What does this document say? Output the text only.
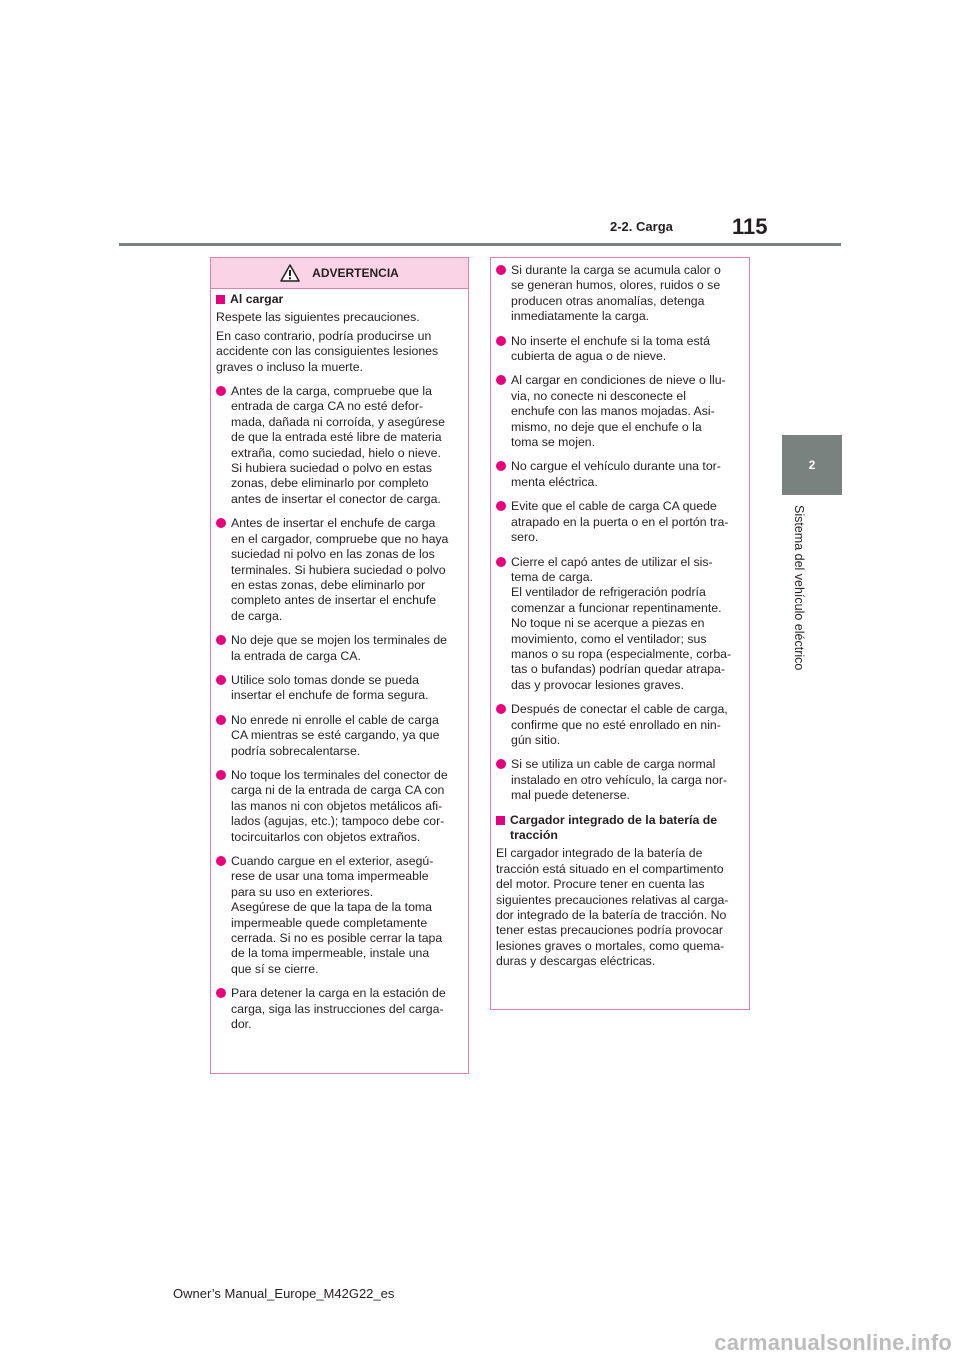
2-2. Carga	115
2
Sistema del vehículo eléctrico
ADVERTENCIA
Al cargar

Respete las siguientes precauciones.

En caso contrario, podría producirse un
accidente con las consiguientes lesiones
graves o incluso la muerte.

Antes de la carga, compruebe que la
entrada de carga CA no esté defor-
mada, dañada ni corroída, y asegúrese
de que la entrada esté libre de materia
extraña, como suciedad, hielo o nieve.
Si hubiera suciedad o polvo en estas
zonas, debe eliminarlo por completo
antes de insertar el conector de carga.
Antes de insertar el enchufe de carga
en el cargador, compruebe que no haya
suciedad ni polvo en las zonas de los
terminales. Si hubiera suciedad o polvo
en estas zonas, debe eliminarlo por
completo antes de insertar el enchufe
de carga.
No deje que se mojen los terminales de
la entrada de carga CA.
Utilice solo tomas donde se pueda
insertar el enchufe de forma segura.
No enrede ni enrolle el cable de carga
CA mientras se esté cargando, ya que
podría sobrecalentarse.
No toque los terminales del conector de
carga ni de la entrada de carga CA con
las manos ni con objetos metálicos afi-
lados (agujas, etc.); tampoco debe cor-
tocircuitarlos con objetos extraños.
Cuando cargue en el exterior, asegú-
rese de usar una toma impermeable
para su uso en exteriores.
Asegúrese de que la tapa de la toma
impermeable quede completamente
cerrada. Si no es posible cerrar la tapa
de la toma impermeable, instale una
que sí se cierre.
Para detener la carga en la estación de
carga, siga las instrucciones del carga-
dor.
Si durante la carga se acumula calor o
se generan humos, olores, ruidos o se
producen otras anomalías, detenga
inmediatamente la carga.
No inserte el enchufe si la toma está
cubierta de agua o de nieve.
Al cargar en condiciones de nieve o llu-
via, no conecte ni desconecte el
enchufe con las manos mojadas. Asi-
mismo, no deje que el enchufe o la
toma se mojen.
No cargue el vehículo durante una tor-
menta eléctrica.
Evite que el cable de carga CA quede
atrapado en la puerta o en el portón tra-
sero.
Cierre el capó antes de utilizar el sis-
tema de carga.
El ventilador de refrigeración podría
comenzar a funcionar repentinamente.
No toque ni se acerque a piezas en
movimiento, como el ventilador; sus
manos o su ropa (especialmente, corba-
tas o bufandas) podrían quedar atrapa-
das y provocar lesiones graves.
Después de conectar el cable de carga,
confirme que no esté enrollado en nin-
gún sitio.
Si se utiliza un cable de carga normal
instalado en otro vehículo, la carga nor-
mal puede detenerse.
Cargador integrado de la batería de
tracción

El cargador integrado de la batería de
tracción está situado en el compartimento
del motor. Procure tener en cuenta las
siguientes precauciones relativas al carga-
dor integrado de la batería de tracción. No
tener estas precauciones podría provocar
lesiones graves o mortales, como quema-
duras y descargas eléctricas.

Owner’s Manual_Europe_M42G22_es
carmanualsonline.info
